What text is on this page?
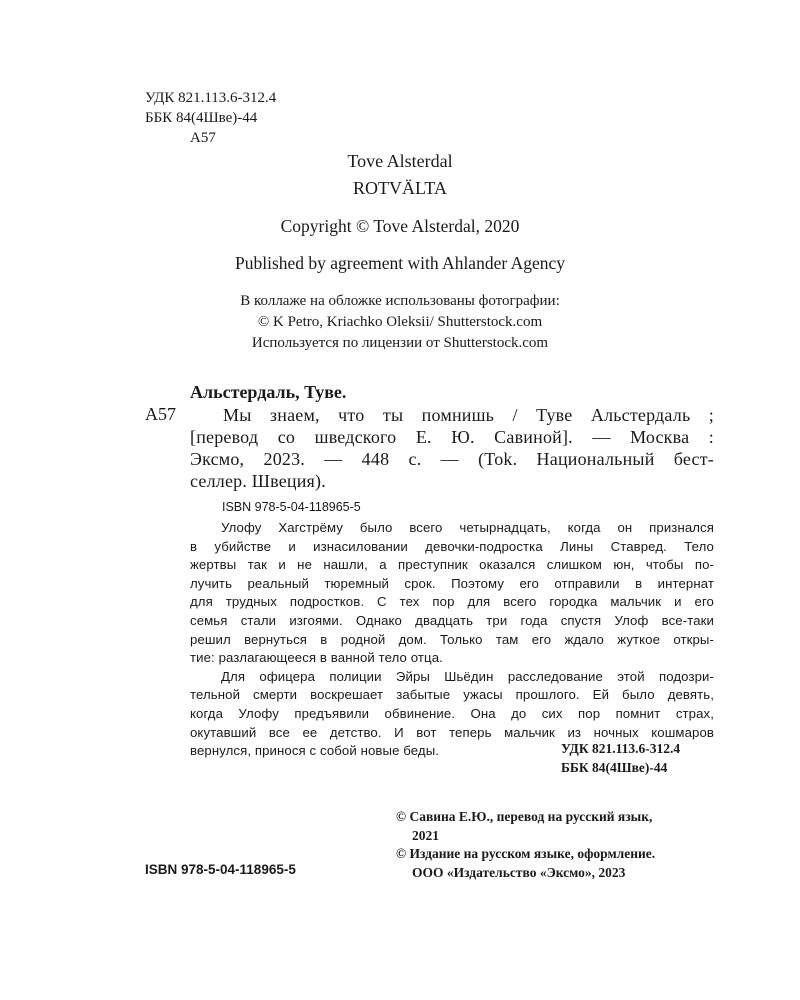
УДК 821.113.6-312.4
ББК 84(4Шве)-44
А57
Tove Alsterdal
ROTVÄLTA
Copyright © Tove Alsterdal, 2020
Published by agreement with Ahlander Agency
В коллаже на обложке использованы фотографии:
© K Petro, Kriachko Oleksii/ Shutterstock.com
Используется по лицензии от Shutterstock.com
Альстердаль, Туве.
А57	Мы знаем, что ты помнишь / Туве Альстердаль ;
[перевод со шведского Е. Ю. Савиной]. — Москва :
Эксмо, 2023. — 448 с. — (Tok. Национальный бест-
селлер. Швеция).
ISBN 978-5-04-118965-5
Улофу Хагстрёму было всего четырнадцать, когда он признался
в убийстве и изнасиловании девочки-подростка Лины Ставред. Тело
жертвы так и не нашли, а преступник оказался слишком юн, чтобы по-
лучить реальный тюремный срок. Поэтому его отправили в интернат
для трудных подростков. С тех пор для всего городка мальчик и его
семья стали изгоями. Однако двадцать три года спустя Улоф все-таки
решил вернуться в родной дом. Только там его ждало жуткое откры-
тие: разлагающееся в ванной тело отца.
Для офицера полиции Эйры Шьёдин расследование этой подозри-
тельной смерти воскрешает забытые ужасы прошлого. Ей было девять,
когда Улофу предъявили обвинение. Она до сих пор помнит страх,
окутавший все ее детство. И вот теперь мальчик из ночных кошмаров
вернулся, принося с собой новые беды.	УДК 821.113.6-312.4
ББК 84(4Шве)-44
© Савина Е.Ю., перевод на русский язык,
2021
© Издание на русском языке, оформление.
ООО «Издательство «Эксмо», 2023
ISBN 978-5-04-118965-5
